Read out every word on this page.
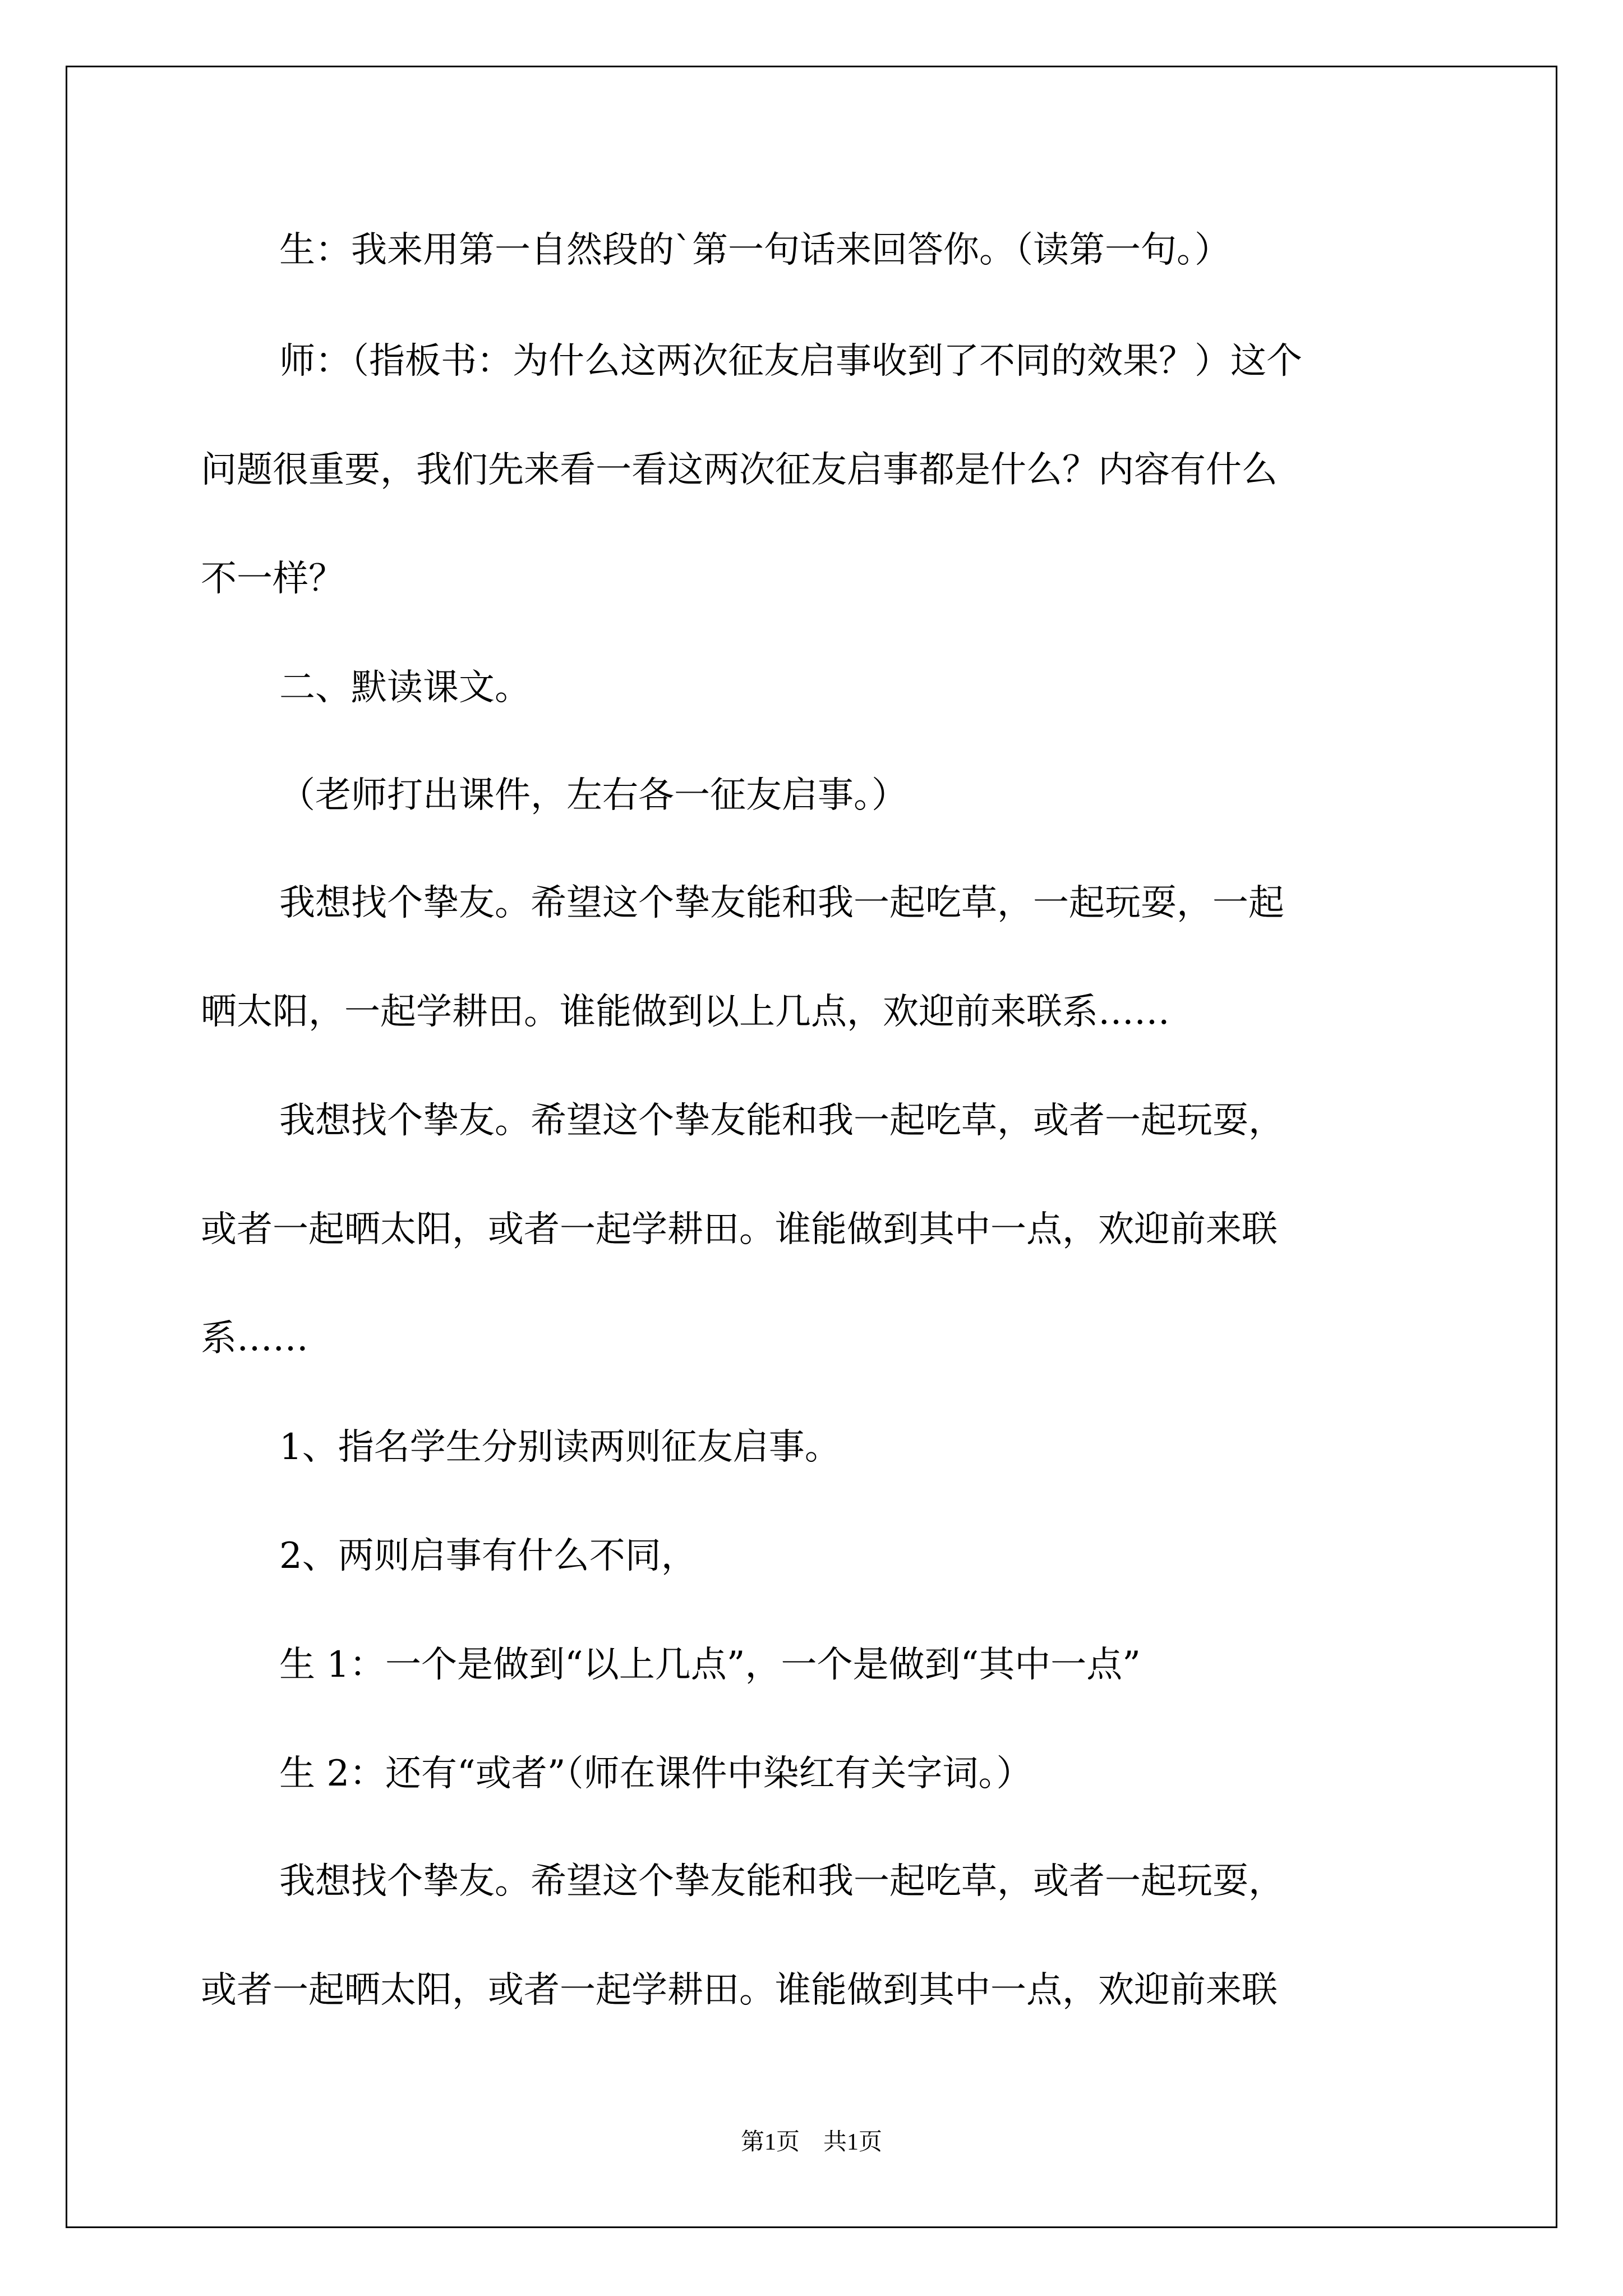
生：我来用第一自然段的`第一句话来回答你。（读第一句。）
师：（指板书：为什么这两次征友启事收到了不同的效果？）这个
问题很重要，我们先来看一看这两次征友启事都是什么？内容有什么
不一样？
二、默读课文。
（老师打出课件，左右各一征友启事。）
我想找个挚友。希望这个挚友能和我一起吃草，一起玩耍，一起
晒太阳，一起学耕田。谁能做到以上几点，欢迎前来联系……
我想找个挚友。希望这个挚友能和我一起吃草，或者一起玩耍，
或者一起晒太阳，或者一起学耕田。谁能做到其中一点，欢迎前来联
系……
1、指名学生分别读两则征友启事。
2、两则启事有什么不同，
生 1：一个是做到“以上几点”，一个是做到“其中一点”
生 2：还有“或者”（师在课件中染红有关字词。）
我想找个挚友。希望这个挚友能和我一起吃草，或者一起玩耍，
或者一起晒太阳，或者一起学耕田。谁能做到其中一点，欢迎前来联
第1页　共1页
